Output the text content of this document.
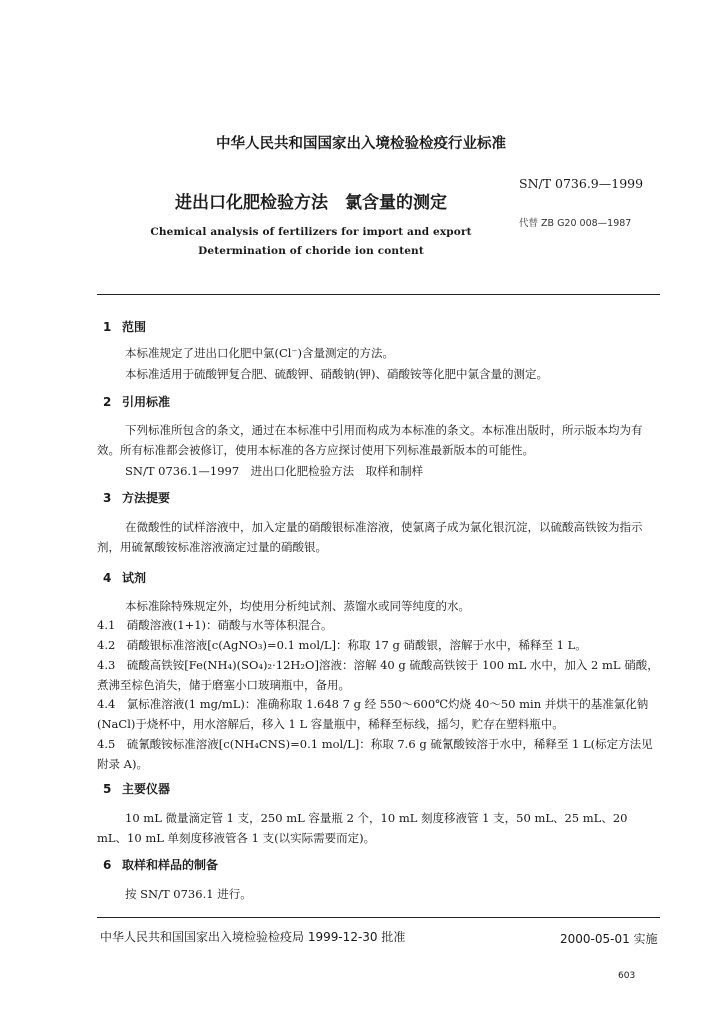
中华人民共和国国家出入境检验检疫行业标准
SN/T 0736.9—1999
进出口化肥检验方法　氯含量的测定
代替 ZB G20 008—1987
Chemical analysis of fertilizers for import and export
Determination of choride ion content
1 范围
本标准规定了进出口化肥中氯(Cl⁻)含量测定的方法。
本标准适用于硫酸钾复合肥、硫酸钾、硝酸钠(钾)、硝酸铵等化肥中氯含量的测定。
2 引用标准
下列标准所包含的条文，通过在本标准中引用而构成为本标准的条文。本标准出版时，所示版本均为有效。所有标准都会被修订，使用本标准的各方应探讨使用下列标准最新版本的可能性。
SN/T 0736.1—1997　进出口化肥检验方法　取样和制样
3 方法提要
在微酸性的试样溶液中，加入定量的硝酸银标准溶液，使氯离子成为氯化银沉淀，以硫酸高铁铵为指示剂，用硫氰酸铵标准溶液滴定过量的硝酸银。
4 试剂
本标准除特殊规定外，均使用分析纯试剂、蒸馏水或同等纯度的水。
4.1　硝酸溶液(1+1)：硝酸与水等体积混合。
4.2　硝酸银标准溶液[c(AgNO₃)=0.1 mol/L]：称取 17 g 硝酸银，溶解于水中，稀释至 1 L。
4.3　硫酸高铁铵[Fe(NH₄)(SO₄)₂·12H₂O]溶液：溶解 40 g 硫酸高铁铵于 100 mL 水中，加入 2 mL 硝酸，煮沸至棕色消失，储于磨塞小口玻璃瓶中，备用。
4.4　氯标准溶液(1 mg/mL)：准确称取 1.648 7 g 经 550～600℃灼烧 40～50 min 并烘干的基准氯化钠(NaCl)于烧杯中，用水溶解后，移入 1 L 容量瓶中，稀释至标线，摇匀，贮存在塑料瓶中。
4.5　硫氰酸铵标准溶液[c(NH₄CNS)=0.1 mol/L]：称取 7.6 g 硫氰酸铵溶于水中，稀释至 1 L(标定方法见附录 A)。
5 主要仪器
10 mL 微量滴定管 1 支，250 mL 容量瓶 2 个，10 mL 刻度移液管 1 支，50 mL、25 mL、20 mL、10 mL 单刻度移液管各 1 支(以实际需要而定)。
6 取样和样品的制备
按 SN/T 0736.1 进行。
中华人民共和国国家出入境检验检疫局 1999-12-30 批准	2000-05-01 实施
603
